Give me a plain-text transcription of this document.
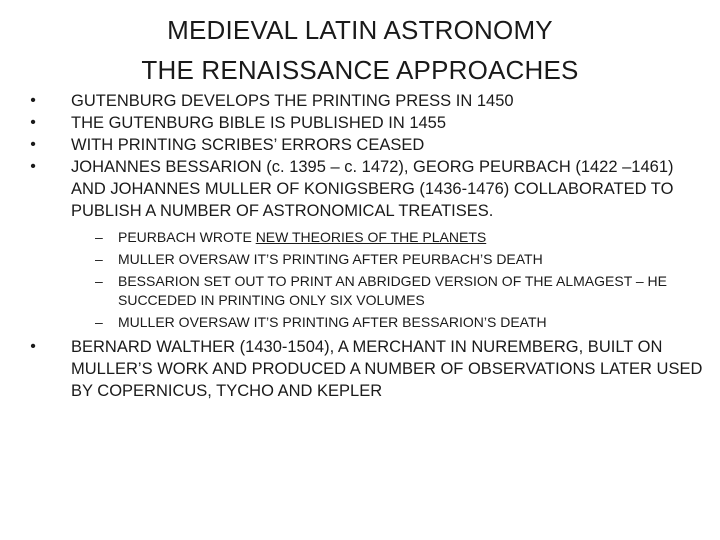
MEDIEVAL LATIN ASTRONOMY
THE RENAISSANCE APPROACHES
• GUTENBURG DEVELOPS THE PRINTING PRESS IN 1450
• THE GUTENBURG BIBLE IS PUBLISHED IN 1455
• WITH PRINTING SCRIBES’ ERRORS CEASED
• JOHANNES BESSARION (c. 1395 – c. 1472), GEORG PEURBACH (1422 –1461) AND JOHANNES MULLER OF KONIGSBERG (1436-1476) COLLABORATED TO PUBLISH A NUMBER OF ASTRONOMICAL TREATISES.
– PEURBACH WROTE NEW THEORIES OF THE PLANETS
– MULLER OVERSAW IT’S PRINTING AFTER PEURBACH’S DEATH
– BESSARION SET OUT TO PRINT AN ABRIDGED VERSION OF THE ALMAGEST – HE SUCCEDED IN PRINTING ONLY SIX VOLUMES
– MULLER OVERSAW IT’S PRINTING AFTER BESSARION’S DEATH
• BERNARD WALTHER (1430-1504), A MERCHANT IN NUREMBERG, BUILT ON MULLER’S WORK AND PRODUCED A NUMBER OF OBSERVATIONS LATER USED BY COPERNICUS, TYCHO AND KEPLER
